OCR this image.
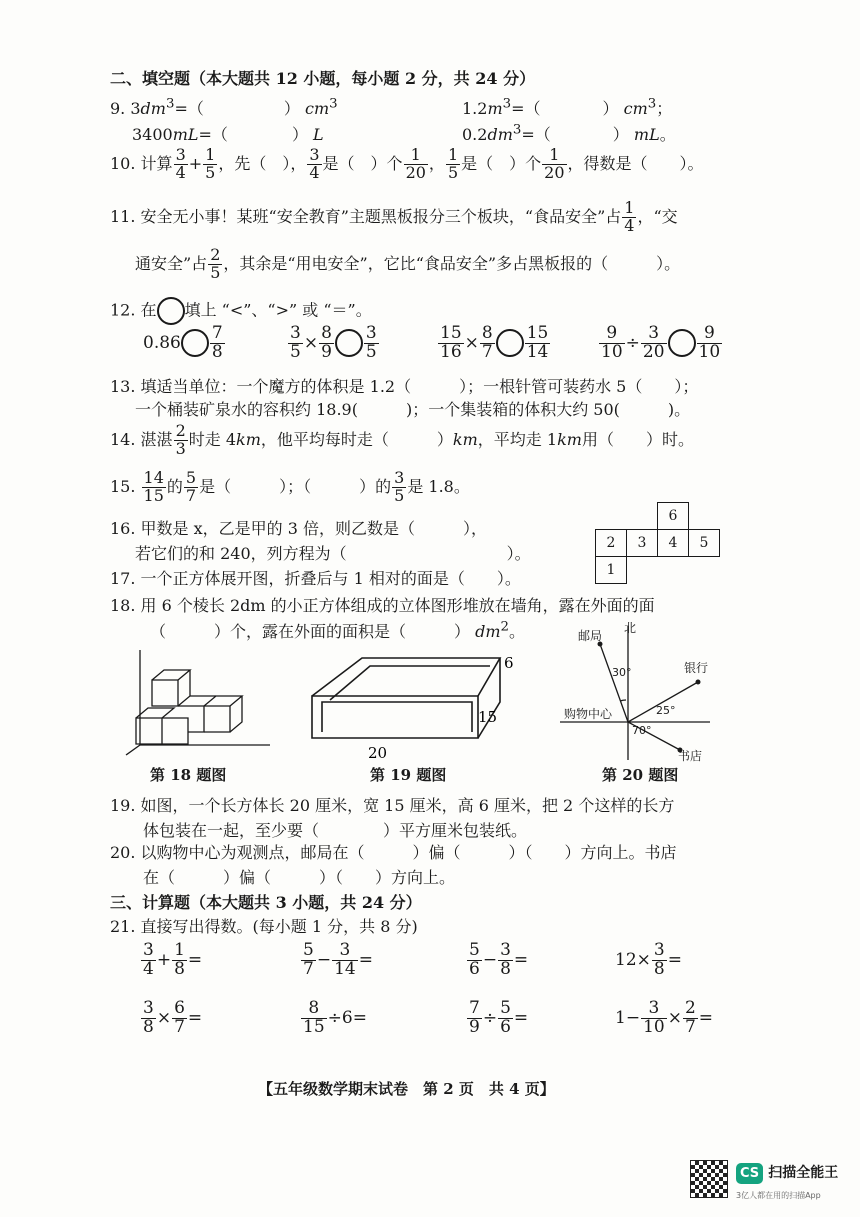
二、填空题（本大题共 12 小题，每小题 2 分，共 24 分）
9. $3dm^3=$（	） $cm^3$	$1.2m^3=$（	） $cm^3$；
3400mL=（	） L	$0.2dm^3=$（	） mL。
10. 计算 $\frac{3}{4} + \frac{1}{5}$ ，先（　）， $\frac{3}{4}$ 是（　）个 $\frac{1}{20}$ ， $\frac{1}{5}$ 是（　）个 $\frac{1}{20}$ ，得数是（　　）。
11. 安全无小事！某班“安全教育”主题黑板报分三个板块，“食品安全”占 $\frac{1}{4}$ ，“交
通安全”占 $\frac{2}{5}$ ，其余是“用电安全”，它比“食品安全”多占黑板报的（　　　）。
12. 在 填上 “<”、“>” 或 “＝”。
$0.86 \frac{7}{8}$	$\frac{3}{5} \times \frac{8}{9} \frac{3}{5}$	$\frac{15}{16} \times \frac{8}{7} \frac{15}{14}$	$\frac{9}{10} \div \frac{3}{20} \frac{9}{10}$
13. 填适当单位：一个魔方的体积是 1.2（　　　）；一根针管可装药水 5（　　）；
一个桶装矿泉水的容积约 18.9(　　　)；一个集装箱的体积大约 50(　　　)。
14. 湛湛 $\frac{2}{3}$ 时走 4km，他平均每时走（　　　）km，平均走 1km用（　　）时。
15. $\frac{14}{15}$ 的 $\frac{5}{7}$ 是（　　　）；（　　　）的 $\frac{3}{5}$ 是 1.8。
16. 甲数是 x，乙是甲的 3 倍，则乙数是（　　　），
若它们的和 240，列方程为（　　　　　　　　　　）。
		6	
2	3	4	5
1			
17. 一个正方体展开图，折叠后与 1 相对的面是（　　）。
18. 用 6 个棱长 2dm 的小正方体组成的立体图形堆放在墙角，露在外面的面
（　　　）个，露在外面的面积是（　　　） $dm^2$。
6
15
20
北
邮局
银行
购物中心
书店
30°
25°
70°
第 18 题图	第 19 题图	第 20 题图
19. 如图，一个长方体长 20 厘米，宽 15 厘米，高 6 厘米，把 2 个这样的长方
体包装在一起，至少要（　　　　）平方厘米包装纸。
20. 以购物中心为观测点，邮局在（　　　）偏（　　　）（　　）方向上。书店
在（　　　）偏（　　　）（　　）方向上。
三、计算题（本大题共 3 小题，共 24 分）
21. 直接写出得数。(每小题 1 分，共 8 分)
$\frac{3}{4} + \frac{1}{8}$ =	$\frac{5}{7} - \frac{3}{14}$ =	$\frac{5}{6} - \frac{3}{8}$ =	$12\times \frac{3}{8}$ =
$\frac{3}{8} \times \frac{6}{7}$ =	$\frac{8}{15} \div 6=$	$\frac{7}{9} \div \frac{5}{6}$ =	$1- \frac{3}{10} \times \frac{2}{7}$ =
【五年级数学期末试卷　第 2 页　共 4 页】
CS 扫描全能王
3亿人都在用的扫描App
